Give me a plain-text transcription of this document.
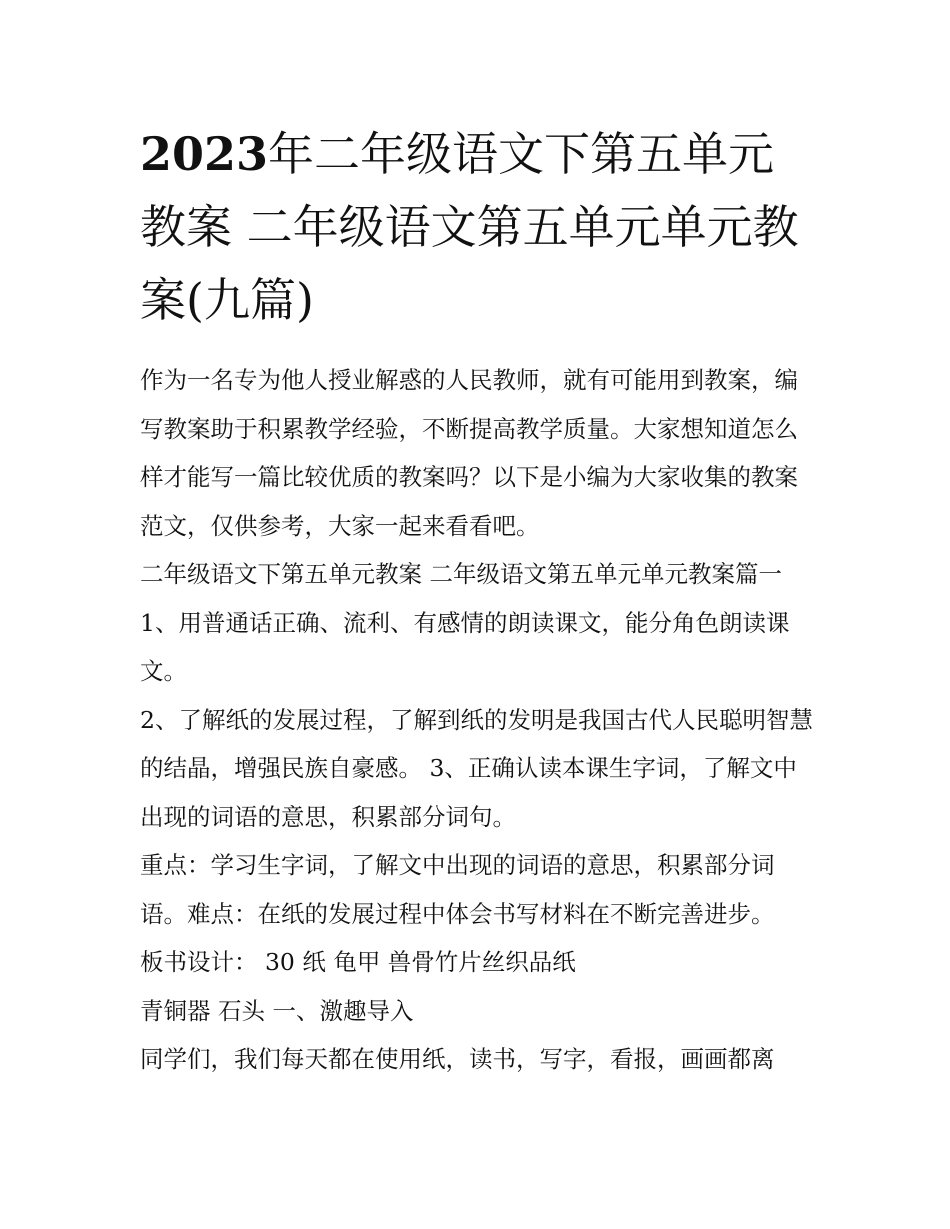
2023年二年级语文下第五单元教案 二年级语文第五单元单元教案(九篇)

作为一名专为他人授业解惑的人民教师，就有可能用到教案，编写教案助于积累教学经验，不断提高教学质量。大家想知道怎么样才能写一篇比较优质的教案吗？以下是小编为大家收集的教案范文，仅供参考，大家一起来看看吧。

二年级语文下第五单元教案 二年级语文第五单元单元教案篇一 1、用普通话正确、流利、有感情的朗读课文，能分角色朗读课文。

2、了解纸的发展过程，了解到纸的发明是我国古代人民聪明智慧的结晶，增强民族自豪感。 3、正确认读本课生字词，了解文中出现的词语的意思，积累部分词句。

重点：学习生字词，了解文中出现的词语的意思，积累部分词语。难点：在纸的发展过程中体会书写材料在不断完善进步。

板书设计： 30 纸 龟甲 兽骨竹片丝织品纸

青铜器 石头 一、激趣导入

同学们，我们每天都在使用纸，读书，写字，看报，画画都离
